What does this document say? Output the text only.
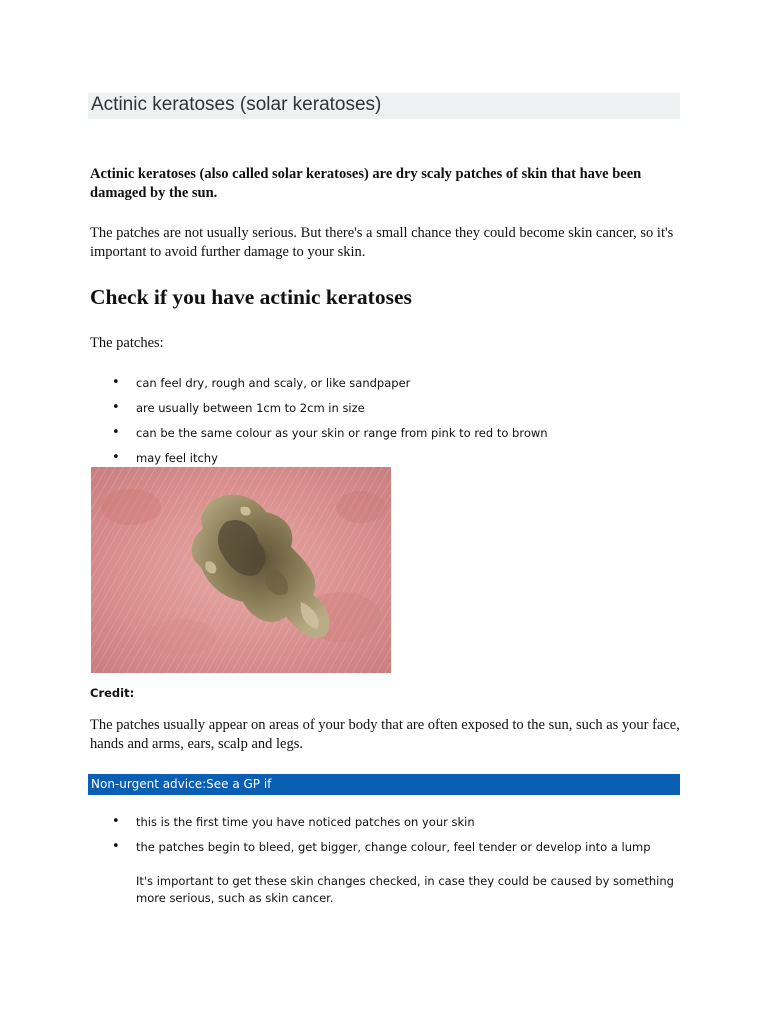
Actinic keratoses (solar keratoses)

Actinic keratoses (also called solar keratoses) are dry scaly patches of skin that have been damaged by the sun.

The patches are not usually serious. But there's a small chance they could become skin cancer, so it's important to avoid further damage to your skin.

Check if you have actinic keratoses

The patches:

• can feel dry, rough and scaly, or like sandpaper
• are usually between 1cm to 2cm in size
• can be the same colour as your skin or range from pink to red to brown
• may feel itchy
Credit:

The patches usually appear on areas of your body that are often exposed to the sun, such as your face, hands and arms, ears, scalp and legs.

Non-urgent advice:See a GP if
• this is the first time you have noticed patches on your skin
• the patches begin to bleed, get bigger, change colour, feel tender or develop into a lump

It's important to get these skin changes checked, in case they could be caused by something more serious, such as skin cancer.
